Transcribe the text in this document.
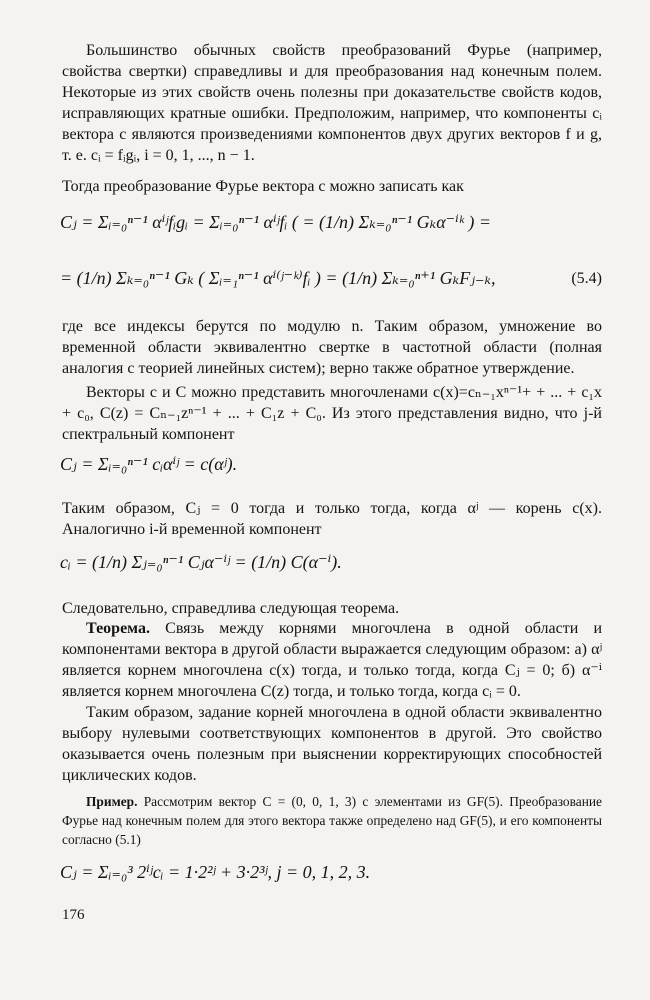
Большинство обычных свойств преобразований Фурье (например, свойства свертки) справедливы и для преобразования над конечным полем. Некоторые из этих свойств очень полезны при доказательстве свойств кодов, исправляющих кратные ошибки. Предположим, например, что компоненты cᵢ вектора c являются произведениями компонентов двух других векторов f и g, т. е. cᵢ = fᵢgᵢ, i = 0, 1, ..., n − 1.

Тогда преобразование Фурье вектора c можно записать как

Cⱼ = Σᵢ₌₀ⁿ⁻¹ αⁱʲfᵢgᵢ = Σᵢ₌₀ⁿ⁻¹ αⁱʲfᵢ ( = (1/n) Σₖ₌₀ⁿ⁻¹ Gₖα⁻ⁱᵏ ) =
= (1/n) Σₖ₌₀ⁿ⁻¹ Gₖ ( Σᵢ₌₁ⁿ⁻¹ αⁱ⁽ʲ⁻ᵏ⁾fᵢ ) = (1/n) Σₖ₌₀ⁿ⁺¹ GₖFⱼ₋ₖ,	(5.4)

где все индексы берутся по модулю n. Таким образом, умножение во временной области эквивалентно свертке в частотной области (полная аналогия с теорией линейных систем); верно также обратное утверждение.

Векторы c и C можно представить многочленами c(x)=cₙ₋₁xⁿ⁻¹+ + ... + c₁x + c₀, C(z) = Cₙ₋₁zⁿ⁻¹ + ... + C₁z + C₀. Из этого представления видно, что j-й спектральный компонент

Cⱼ = Σᵢ₌₀ⁿ⁻¹ cᵢαⁱʲ = c(αʲ).

Таким образом, Cⱼ = 0 тогда и только тогда, когда αʲ — корень c(x). Аналогично i-й временной компонент

cᵢ = (1/n) Σⱼ₌₀ⁿ⁻¹ Cⱼα⁻ⁱʲ = (1/n) C(α⁻ⁱ).

Следовательно, справедлива следующая теорема.

Теорема. Связь между корнями многочлена в одной области и компонентами вектора в другой области выражается следующим образом: а) αʲ является корнем многочлена c(x) тогда, и только тогда, когда Cⱼ = 0; б) α⁻ⁱ является корнем многочлена C(z) тогда, и только тогда, когда cᵢ = 0.

Таким образом, задание корней многочлена в одной области эквивалентно выбору нулевыми соответствующих компонентов в другой. Это свойство оказывается очень полезным при выяснении корректирующих способностей циклических кодов.

Пример. Рассмотрим вектор C = (0, 0, 1, 3) с элементами из GF(5). Преобразование Фурье над конечным полем для этого вектора также определено над GF(5), и его компоненты согласно (5.1)

Cⱼ = Σᵢ₌₀³ 2ⁱʲcᵢ = 1·2²ʲ + 3·2³ʲ, j = 0, 1, 2, 3.
176
